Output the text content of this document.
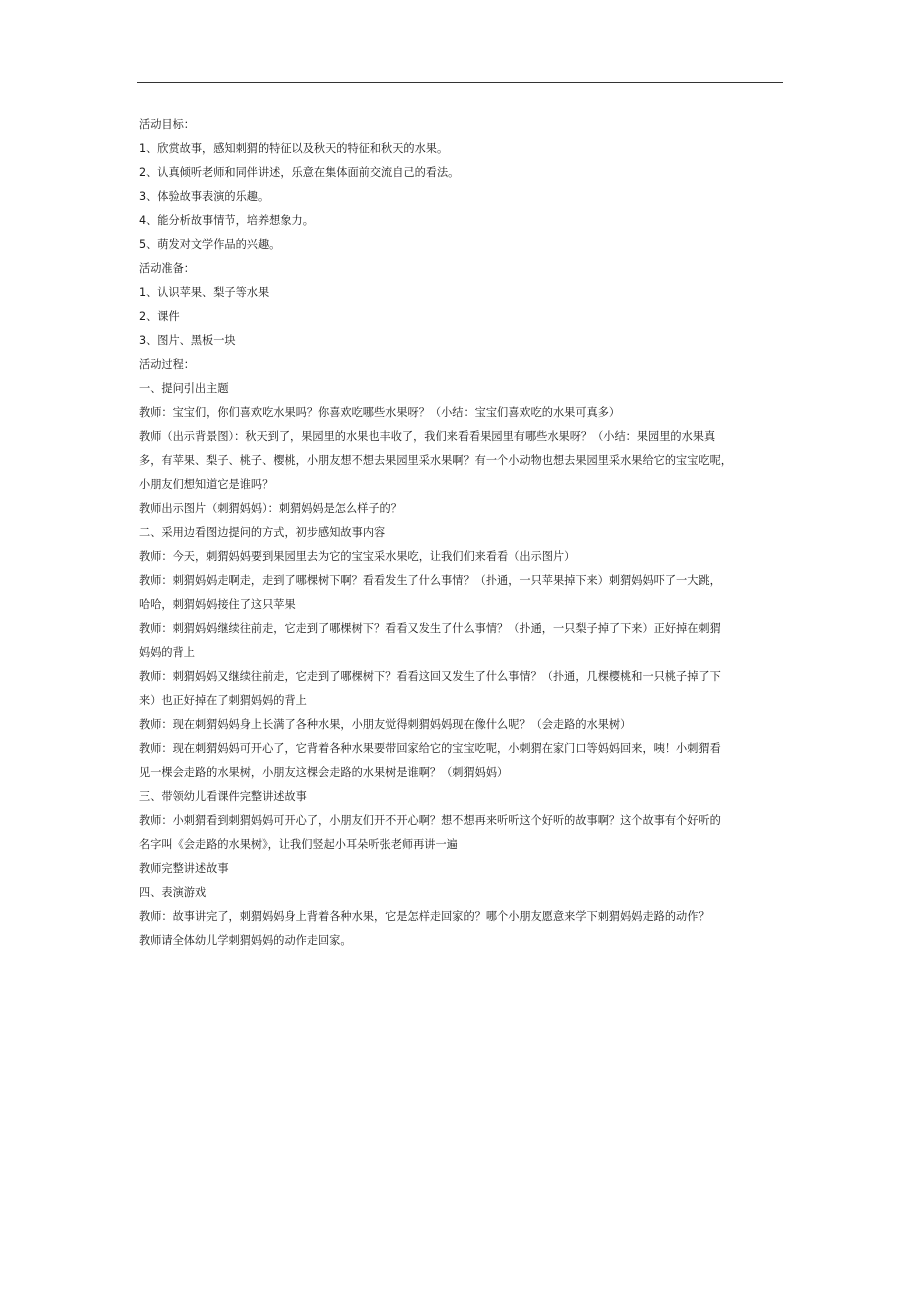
活动目标：
1、欣赏故事，感知刺猬的特征以及秋天的特征和秋天的水果。
2、认真倾听老师和同伴讲述，乐意在集体面前交流自己的看法。
3、体验故事表演的乐趣。
4、能分析故事情节，培养想象力。
5、萌发对文学作品的兴趣。
活动准备：
1、认识苹果、梨子等水果
2、课件
3、图片、黑板一块
活动过程：
一、提问引出主题
教师：宝宝们，你们喜欢吃水果吗？你喜欢吃哪些水果呀？（小结：宝宝们喜欢吃的水果可真多）
教师（出示背景图）：秋天到了，果园里的水果也丰收了，我们来看看果园里有哪些水果呀？（小结：果园里的水果真
多，有苹果、梨子、桃子、樱桃，小朋友想不想去果园里采水果啊？有一个小动物也想去果园里采水果给它的宝宝吃呢，
小朋友们想知道它是谁吗？
教师出示图片（刺猬妈妈）：刺猬妈妈是怎么样子的？
二、采用边看图边提问的方式，初步感知故事内容
教师：今天，刺猬妈妈要到果园里去为它的宝宝采水果吃，让我们们来看看（出示图片）
教师：刺猬妈妈走啊走，走到了哪棵树下啊？看看发生了什么事情？（扑通，一只苹果掉下来）刺猬妈妈吓了一大跳，
哈哈，刺猬妈妈接住了这只苹果
教师：刺猬妈妈继续往前走，它走到了哪棵树下？看看又发生了什么事情？（扑通，一只梨子掉了下来）正好掉在刺猬
妈妈的背上
教师：刺猬妈妈又继续往前走，它走到了哪棵树下？看看这回又发生了什么事情？（扑通，几棵樱桃和一只桃子掉了下
来）也正好掉在了刺猬妈妈的背上
教师：现在刺猬妈妈身上长满了各种水果，小朋友觉得刺猬妈妈现在像什么呢？（会走路的水果树）
教师：现在刺猬妈妈可开心了，它背着各种水果要带回家给它的宝宝吃呢，小刺猬在家门口等妈妈回来，咦！小刺猬看
见一棵会走路的水果树，小朋友这棵会走路的水果树是谁啊？（刺猬妈妈）
三、带领幼儿看课件完整讲述故事
教师：小刺猬看到刺猬妈妈可开心了，小朋友们开不开心啊？想不想再来听听这个好听的故事啊？这个故事有个好听的
名字叫《会走路的水果树》，让我们竖起小耳朵听张老师再讲一遍
教师完整讲述故事
四、表演游戏
教师：故事讲完了，刺猬妈妈身上背着各种水果，它是怎样走回家的？哪个小朋友愿意来学下刺猬妈妈走路的动作？
教师请全体幼儿学刺猬妈妈的动作走回家。
